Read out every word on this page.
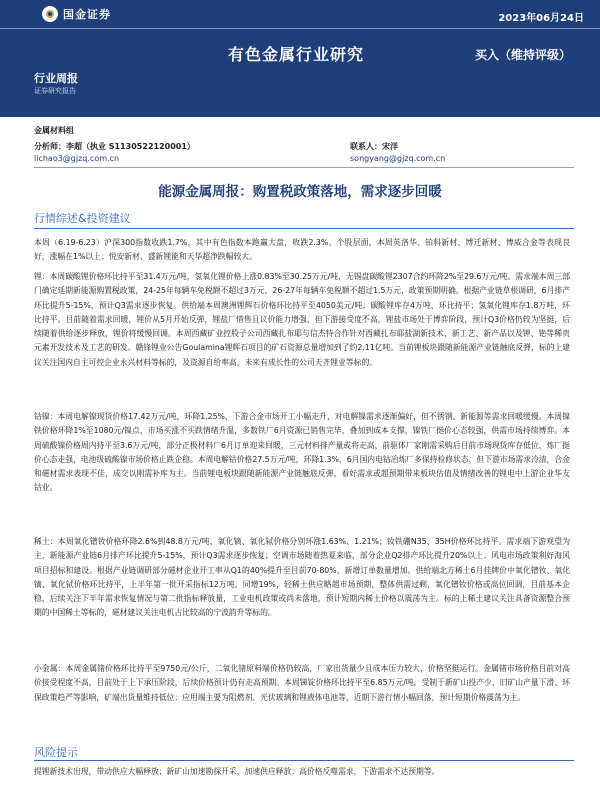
国金证券	2023年06月24日
有色金属行业研究	买入（维持评级）
行业周报
证券研究报告
金属材料组
分析师：李超（执业 S1130522120001）	联系人：宋洋
lichao3@gjzq.com.cn	songyang@gjzq.com.cn
能源金属周报：购置税政策落地，需求逐步回暖
行情综述&投资建议
本周（6.19-6.23）沪深300指数收跌1.7%，其中有色指数本跑赢大盘，收跌2.3%。个股层面，本周英洛华、铂科新材、博迁新材、博威合金等表现良好，涨幅在1%以上；悦安新材、盛新锂能和天华超净跌幅较大。
锂：本周碳酸锂价格环比持平至31.4万元/吨，氢氧化锂价格上涨0.83%至30.25万元/吨，无锡盘碳酸锂2307合约环降2%至29.6万元/吨。需求端本周三部门确定延期新能源购置税政策，24-25年每辆车免税额不超过3万元，26-27年每辆车免税额不超过1.5万元，政策预期明确。根据产业链草根调研，6月排产环比提升5-15%，预计Q3需求逐步恢复。供给端本周澳洲锂辉石价格环比持平至4050美元/吨；碳酸锂库存4万吨，环比持平；氢氧化锂库存1.8万吨，环比持平。目前随着需求回暖，锂价从5月开始反弹，锂盐厂惜售且议价能力增强，但下游接受度不高，锂盐市场处于博弈阶段，预计Q3价格仍较为坚挺，后续随着供给逐步释放，锂价将缓慢回调。本周西藏矿业控股子公司西藏扎布耶与信杰特合作针对西藏扎布耶盐湖新技术、新工艺、新产品以及钾、铯等稀贵元素开发技术及工艺的研发。赣锋锂业公告Goulamina锂辉石项目的矿石资源总量增加到了约2.11亿吨。当前锂板块跟随新能源产业链触底反弹，标的上建议关注国内自主可控企业永兴材料等标的，及资源自给率高，未来有成长性的公司天齐锂业等标的。
钴镍：本周电解镍现货价格17.42万元/吨，环降1.25%，下游合金市场开工小幅走升，对电解镍需求逐渐偏好，但不锈钢、新能源等需求回暖缓慢。本周镍铁价格环降1%至1080元/镍点，市场买涨不买跌情绪升温，多数铁厂6月资源已销售完毕，叠加到成本支撑，镍铁厂挺价心态较强，供需市场持续博弈。本周硫酸镍价格周内持平至3.6万元/吨，部分正极材料厂6月订单迎来回暖，三元材料排产量或将走高，前驱体厂家刚需采购后目前市场现货库存低位，炼厂挺价心态走强，电池级硫酸镍市场价格止跌企稳。本周电解钴价格27.5万元/吨，环降1.3%，6月国内电钴冶炼厂多保持检修状态，但下游市场需求冷清，合金和磁材需求表现不佳，成交以刚需补库为主。当前锂电板块跟随新能源产业链触底反弹，看好需求或超预期带来板块估值及情绪改善的锂电中上游企业华友钴业。
稀土：本周氧化镨钕价格环降2.6%到48.8万元/吨，氧化镝、氧化铽价格分别环涨1.63%、1.21%；钕铁硼N35、35H价格环比持平。需求端下游观望为主，新能源产业链6月排产环比提升5-15%，预计Q3需求逐步恢复；空调市场随着热夏来临，部分企业Q2排产环比提升20%以上；风电市场政策利好海风项目招标和建设。根据产业链调研部分磁材企业开工率从Q1的40%提升至目前70-80%，新增订单数量增加。供给端北方稀土6月挂牌价中氧化镨钕、氧化镝、氧化铽价格环比持平，上半年第一批开采指标12万吨，同增19%，轻稀土供应略超市场预期，整体供需过剩，氧化镨钕价格或高位回调，目前基本企稳，后续关注下半年需求恢复情况与第二批指标释放量，工业电机政策或尚未落地，预计短期内稀土价格以震荡为主。标的上稀土建议关注具备资源整合预期的中国稀土等标的，磁材建议关注电机占比较高的宁波韵升等标的。
小金属：本周金属锗价格环比持平至9750元/公斤，二氧化锗原料端价格仍较高，厂家出货量少且成本压力较大，价格坚挺运行。金属锗市场价格目前对高价接受程度不高，目前处于上下承压阶段，后续价格预计仍有走高预期。本周锑锭价格环比持平至6.85万元/吨，受制于新矿山投产少、旧矿山产量下滑、环保政策趋严等影响，矿端出货量维持低位；应用端主要为阻燃剂、光伏玻璃和锂液体电池等，近期下游行情小幅回落，预计短期价格震荡为主。
风险提示
提锂新技术出现，带动供应大幅释放；新矿山加速勘探开采，加速供应释放；高价格反噬需求，下游需求不达预期等。
